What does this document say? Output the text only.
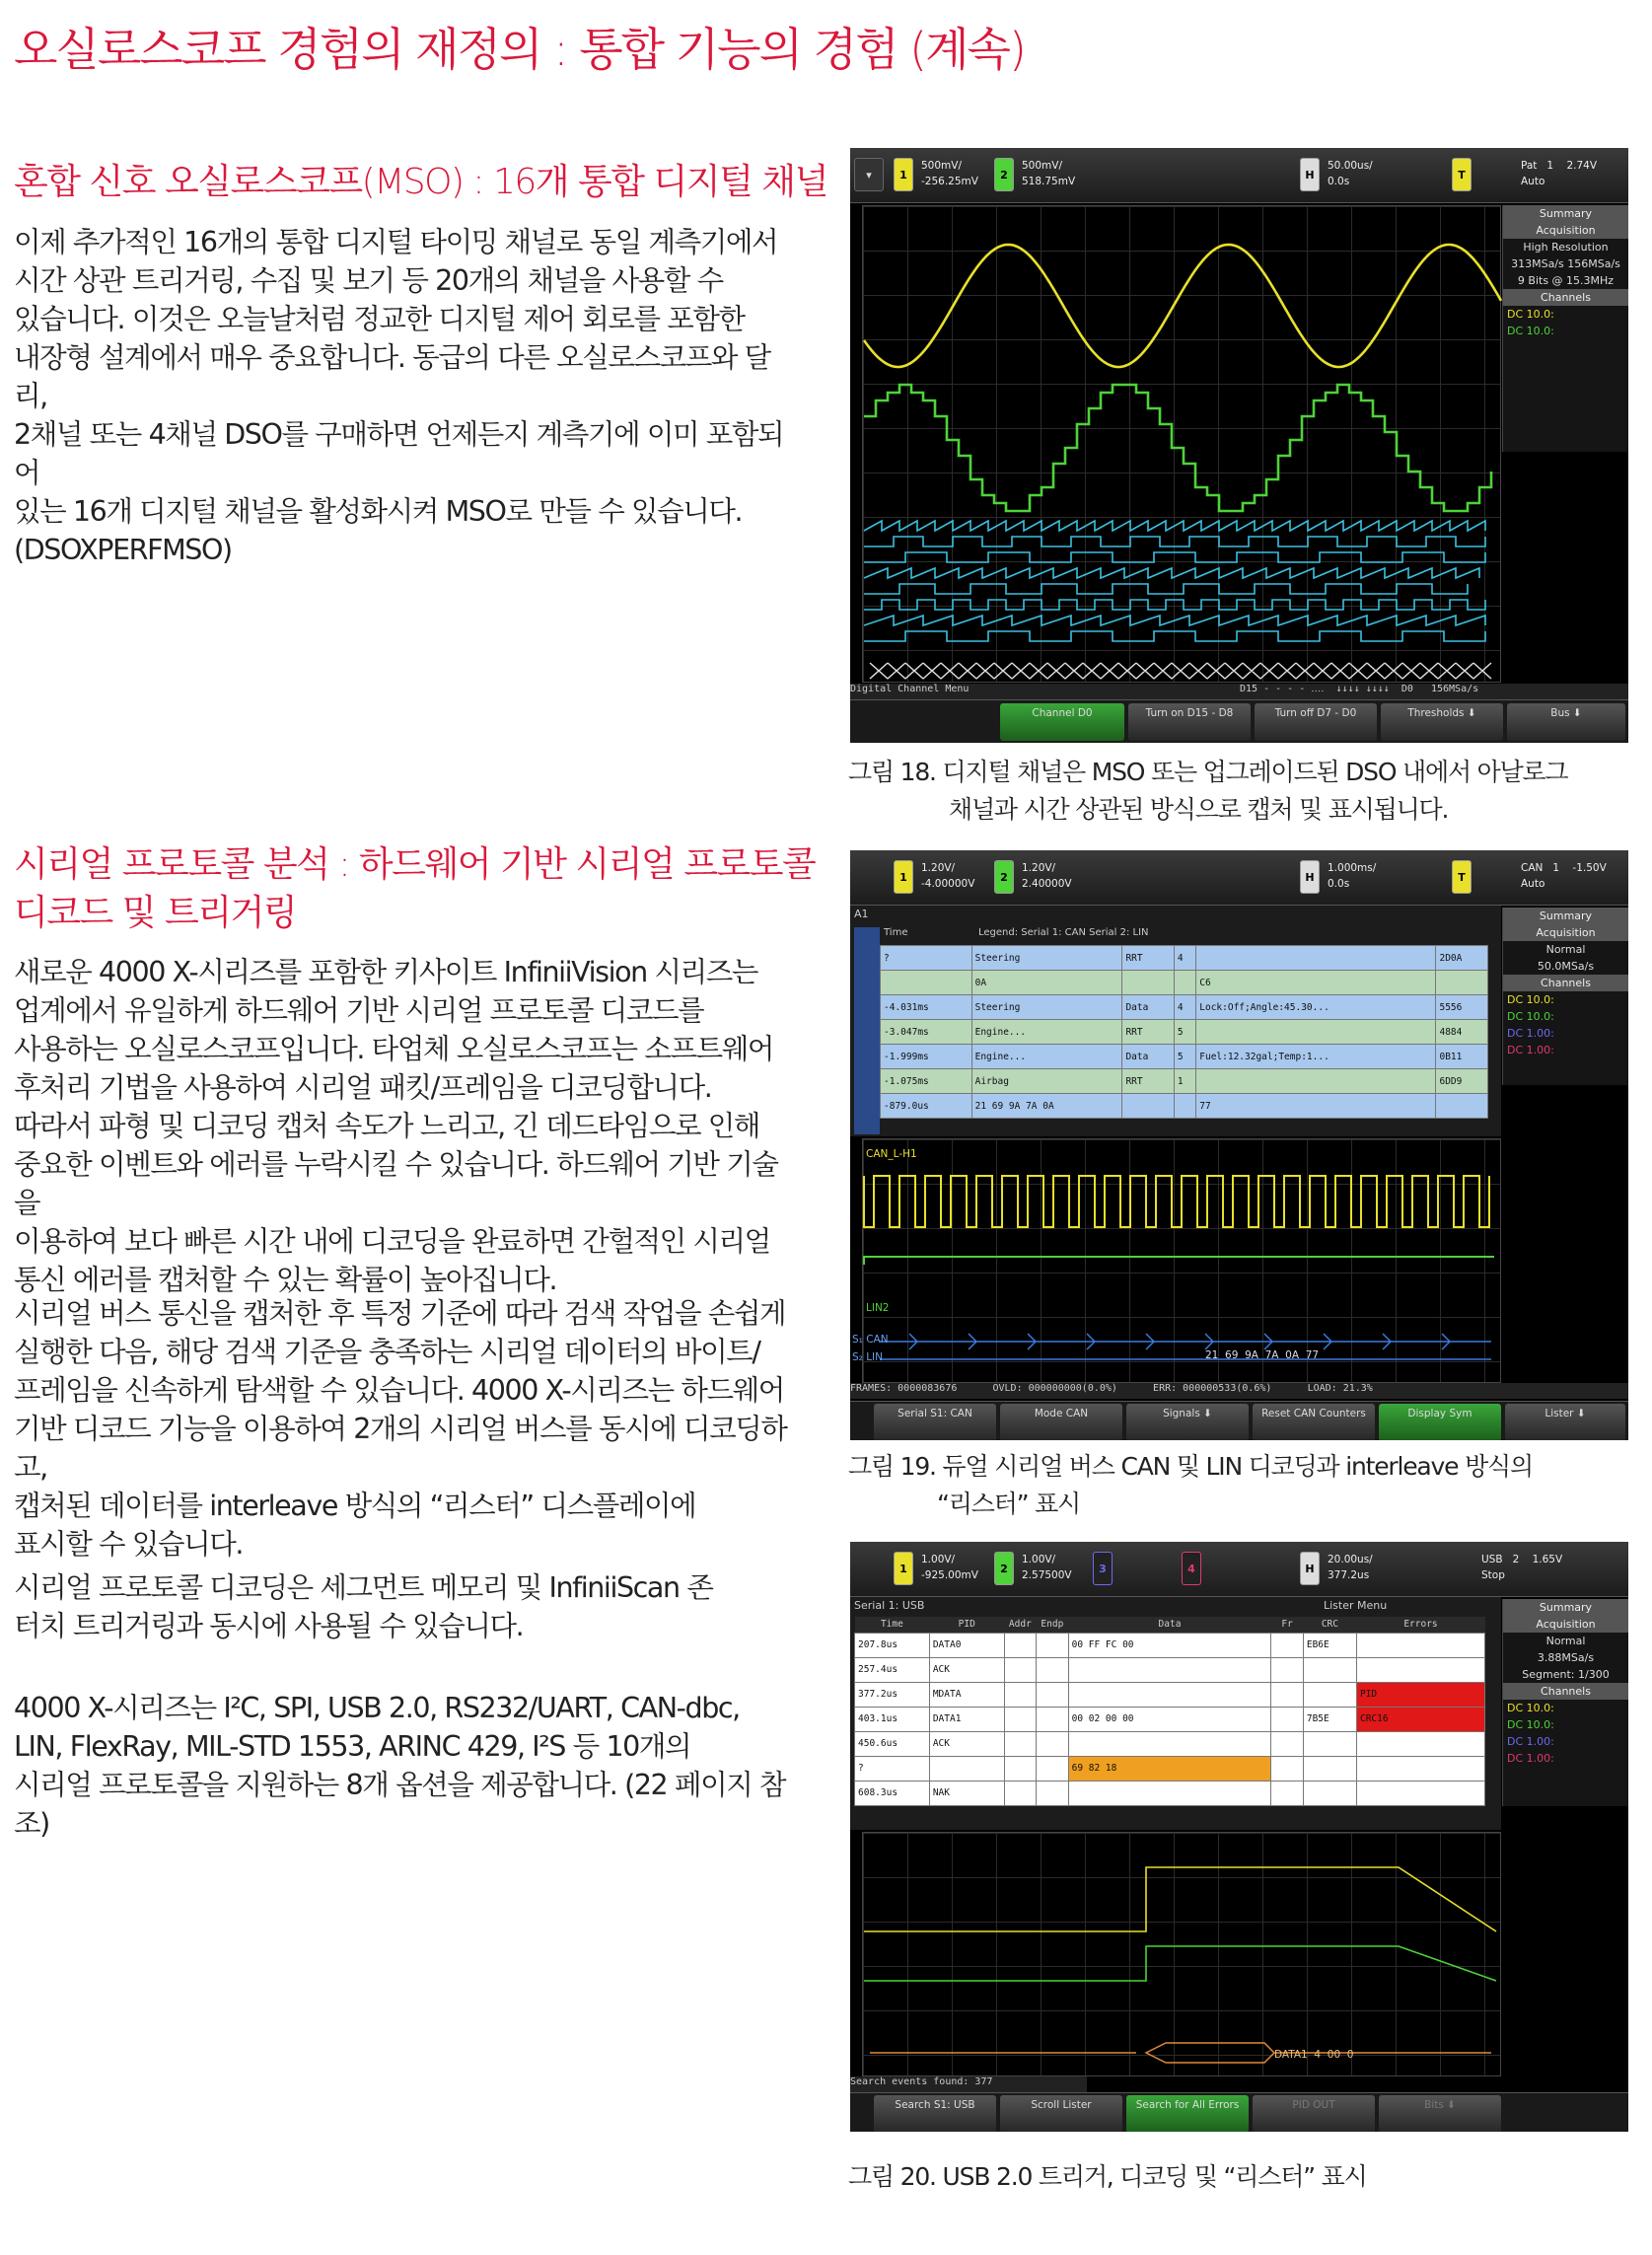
오실로스코프 경험의 재정의 : 통합 기능의 경험 (계속)
혼합 신호 오실로스코프(MSO) : 16개 통합 디지털 채널
이제 추가적인 16개의 통합 디지털 타이밍 채널로 동일 계측기에서
시간 상관 트리거링, 수집 및 보기 등 20개의 채널을 사용할 수
있습니다. 이것은 오늘날처럼 정교한 디지털 제어 회로를 포함한
내장형 설계에서 매우 중요합니다. 동급의 다른 오실로스코프와 달리,
2채널 또는 4채널 DSO를 구매하면 언제든지 계측기에 이미 포함되어
있는 16개 디지털 채널을 활성화시켜 MSO로 만들 수 있습니다.
(DSOXPERFMSO)
시리얼 프로토콜 분석 : 하드웨어 기반 시리얼 프로토콜
디코드 및 트리거링
새로운 4000 X-시리즈를 포함한 키사이트 InfiniiVision 시리즈는
업계에서 유일하게 하드웨어 기반 시리얼 프로토콜 디코드를
사용하는 오실로스코프입니다. 타업체 오실로스코프는 소프트웨어
후처리 기법을 사용하여 시리얼 패킷/프레임을 디코딩합니다.
따라서 파형 및 디코딩 캡처 속도가 느리고, 긴 데드타임으로 인해
중요한 이벤트와 에러를 누락시킬 수 있습니다. 하드웨어 기반 기술을
이용하여 보다 빠른 시간 내에 디코딩을 완료하면 간헐적인 시리얼
통신 에러를 캡처할 수 있는 확률이 높아집니다.
시리얼 버스 통신을 캡처한 후 특정 기준에 따라 검색 작업을 손쉽게
실행한 다음, 해당 검색 기준을 충족하는 시리얼 데이터의 바이트/
프레임을 신속하게 탐색할 수 있습니다. 4000 X-시리즈는 하드웨어
기반 디코드 기능을 이용하여 2개의 시리얼 버스를 동시에 디코딩하고,
캡처된 데이터를 interleave 방식의 “리스터” 디스플레이에
표시할 수 있습니다.
시리얼 프로토콜 디코딩은 세그먼트 메모리 및 InfiniiScan 존
터치 트리거링과 동시에 사용될 수 있습니다.
4000 X-시리즈는 I²C, SPI, USB 2.0, RS232/UART, CAN-dbc,
LIN, FlexRay, MIL-STD 1553, ARINC 429, I²S 등 10개의
시리얼 프로토콜을 지원하는 8개 옵션을 제공합니다. (22 페이지 참조)
▾	1
500mV/
-256.25mV	2
500mV/
518.75mV	H
50.00us/
0.0s	T
Pat   1    2.74V
Auto
Summary
Acquisition
High Resolution
313MSa/s 156MSa/s
9 Bits @ 15.3MHz
Channels
DC 10.0:
DC 10.0:
Digital Channel Menu	D15 - - - - ‥‥  ↓↓↓↓ ↓↓↓↓  D0   156MSa/s
Channel D0	Turn on D15 - D8	Turn off D7 - D0	Thresholds ⬇	Bus ⬇
그림 18. 디지털 채널은 MSO 또는 업그레이드된 DSO 내에서 아날로그
채널과 시간 상관된 방식으로 캡처 및 표시됩니다.
1
1.20V/
-4.00000V	2
1.20V/
2.40000V	H
1.000ms/
0.0s	T
CAN   1    -1.50V
Auto
A1
Time	Legend: Serial 1: CAN Serial 2: LIN
?	Steering	RRT	4		2D0A
	0A			C6	
-4.031ms	Steering	Data	4	Lock:Off;Angle:45.30...	5556
-3.047ms	Engine...	RRT	5		4884
-1.999ms	Engine...	Data	5	Fuel:12.32gal;Temp:1...	0B11
-1.075ms	Airbag	RRT	1		6DD9
-879.0us	21 69 9A 7A 0A			77	
CAN_L-H1
LIN2
S₁ CAN
S₂ LIN	21  69  9A  7A  0A  77
Summary
Acquisition
Normal
50.0MSa/s
Channels
DC 10.0:
DC 10.0:
DC 1.00:
DC 1.00:
FRAMES: 0000083676      OVLD: 000000000(0.0%)      ERR: 000000533(0.6%)      LOAD: 21.3%
Serial S1: CAN	Mode CAN	Signals ⬇	Reset CAN Counters	Display Sym	Lister ⬇
그림 19. 듀얼 시리얼 버스 CAN 및 LIN 디코딩과 interleave 방식의
“리스터” 표시
1
1.00V/
-925.00mV	2
1.00V/
2.57500V	3	4	H
20.00us/
377.2us
USB   2    1.65V
Stop
Serial 1: USB	Lister Menu
Time	PID	Addr	Endp	Data	Fr	CRC	Errors
207.8us	DATA0			00 FF FC 00		EB6E	
257.4us	ACK						
377.2us	MDATA						PID
403.1us	DATA1			00 02 00 00		7B5E	CRC16
450.6us	ACK						
?				69 82 18			
608.3us	NAK						
DATA1  4  00  0
Summary
Acquisition
Normal
3.88MSa/s
Segment: 1/300
Channels
DC 10.0:
DC 10.0:
DC 1.00:
DC 1.00:
Search events found: 377
Search S1: USB	Scroll Lister	Search for All Errors	PID OUT	Bits ⬇
그림 20. USB 2.0 트리거, 디코딩 및 “리스터” 표시
